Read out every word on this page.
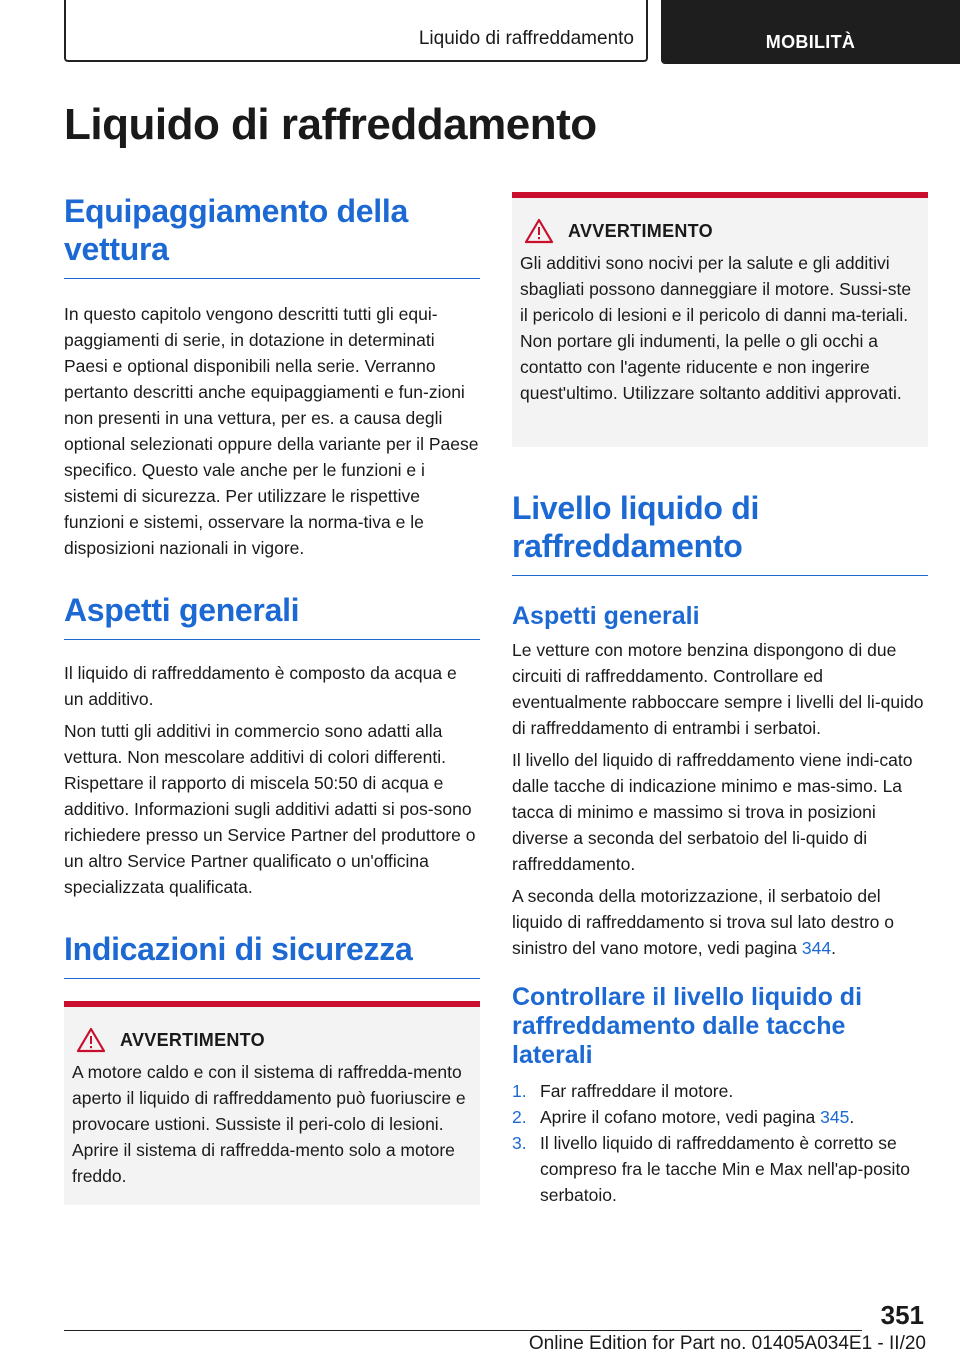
Liquido di raffreddamento	MOBILITÀ
Liquido di raffreddamento
Equipaggiamento della vettura

In questo capitolo vengono descritti tutti gli equi-paggiamenti di serie, in dotazione in determinati Paesi e optional disponibili nella serie. Verranno pertanto descritti anche equipaggiamenti e fun-zioni non presenti in una vettura, per es. a causa degli optional selezionati oppure della variante per il Paese specifico. Questo vale anche per le funzioni e i sistemi di sicurezza. Per utilizzare le rispettive funzioni e sistemi, osservare la norma-tiva e le disposizioni nazionali in vigore.

Aspetti generali

Il liquido di raffreddamento è composto da acqua e un additivo.

Non tutti gli additivi in commercio sono adatti alla vettura. Non mescolare additivi di colori differenti. Rispettare il rapporto di miscela 50:50 di acqua e additivo. Informazioni sugli additivi adatti si pos-sono richiedere presso un Service Partner del produttore o un altro Service Partner qualificato o un'officina specializzata qualificata.

Indicazioni di sicurezza
AVVERTIMENTO

A motore caldo e con il sistema di raffredda-mento aperto il liquido di raffreddamento può fuoriuscire e provocare ustioni. Sussiste il peri-colo di lesioni. Aprire il sistema di raffredda-mento solo a motore freddo.

AVVERTIMENTO

Gli additivi sono nocivi per la salute e gli additivi sbagliati possono danneggiare il motore. Sussi-ste il pericolo di lesioni e il pericolo di danni ma-teriali. Non portare gli indumenti, la pelle o gli occhi a contatto con l'agente riducente e non ingerire quest'ultimo. Utilizzare soltanto additivi approvati.

Livello liquido di raffreddamento
Aspetti generali

Le vetture con motore benzina dispongono di due circuiti di raffreddamento. Controllare ed eventualmente rabboccare sempre i livelli del li-quido di raffreddamento di entrambi i serbatoi.

Il livello del liquido di raffreddamento viene indi-cato dalle tacche di indicazione minimo e mas-simo. La tacca di minimo e massimo si trova in posizioni diverse a seconda del serbatoio del li-quido di raffreddamento.

A seconda della motorizzazione, il serbatoio del liquido di raffreddamento si trova sul lato destro o sinistro del vano motore, vedi pagina 344.

Controllare il livello liquido di raffreddamento dalle tacche laterali
1. Far raffreddare il motore.
2. Aprire il cofano motore, vedi pagina 345.
3. Il livello liquido di raffreddamento è corretto se compreso fra le tacche Min e Max nell'ap-posito serbatoio.
351
Online Edition for Part no. 01405A034E1 - II/20
